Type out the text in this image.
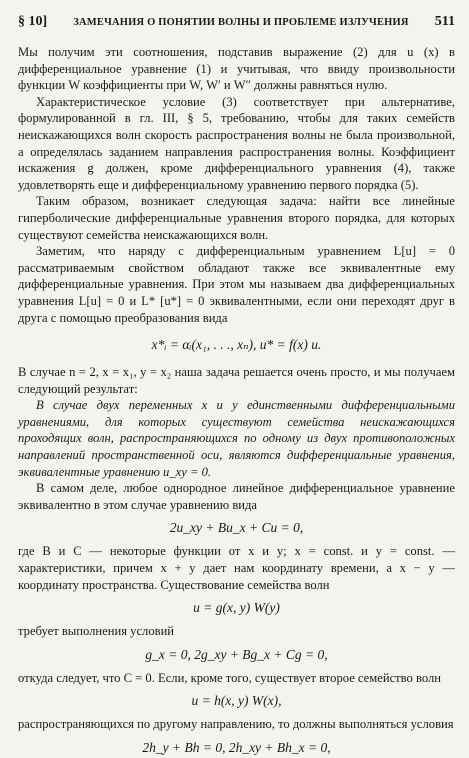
§ 10] ЗАМЕЧАНИЯ О ПОНЯТИИ ВОЛНЫ И ПРОБЛЕМЕ ИЗЛУЧЕНИЯ 511

Мы получим эти соотношения, подставив выражение (2) для u (x) в дифференциальное уравнение (1) и учитывая, что ввиду произвольности функции W коэффициенты при W, W′ и W″ должны равняться нулю.

Характеристическое условие (3) соответствует при альтернативе, формулированной в гл. III, § 5, требованию, чтобы для таких семейств неискажающихся волн скорость распространения волны не была произвольной, а определялась заданием направления распространения волны. Коэффициент искажения g должен, кроме дифференциального уравнения (4), также удовлетворять еще и дифференциальному уравнению первого порядка (5).

Таким образом, возникает следующая задача: найти все линейные гиперболические дифференциальные уравнения второго порядка, для которых существуют семейства неискажающихся волн.

Заметим, что наряду с дифференциальным уравнением L[u] = 0 рассматриваемым свойством обладают также все эквивалентные ему дифференциальные уравнения. При этом мы называем два дифференциальных уравнения L[u] = 0 и L* [u*] = 0 эквивалентными, если они переходят друг в друга с помощью преобразования вида

x*ᵢ = αᵢ(x₁, . . ., xₙ), u* = f(x) u.

В случае n = 2, x = x₁, y = x₂ наша задача решается очень просто, и мы получаем следующий результат:

В случае двух переменных x и y единственными дифференциальными уравнениями, для которых существуют семейства неискажающихся проходящих волн, распространяющихся по одному из двух противоположных направлений пространственной оси, являются дифференциальные уравнения, эквивалентные уравнению u_xy = 0.

В самом деле, любое однородное линейное дифференциальное уравнение эквивалентно в этом случае уравнению вида

2u_xy + Bu_x + Cu = 0,

где B и C — некоторые функции от x и y; x = const. и y = const. — характеристики, причем x + y дает нам координату времени, а x − y — координату пространства. Существование семейства волн

u = g(x, y) W(y)

требует выполнения условий

g_x = 0, 2g_xy + Bg_x + Cg = 0,

откуда следует, что C = 0. Если, кроме того, существует второе семейство волн

u = h(x, y) W(x),

распространяющихся по другому направлению, то должны выполняться условия

2h_y + Bh = 0, 2h_xy + Bh_x = 0,
